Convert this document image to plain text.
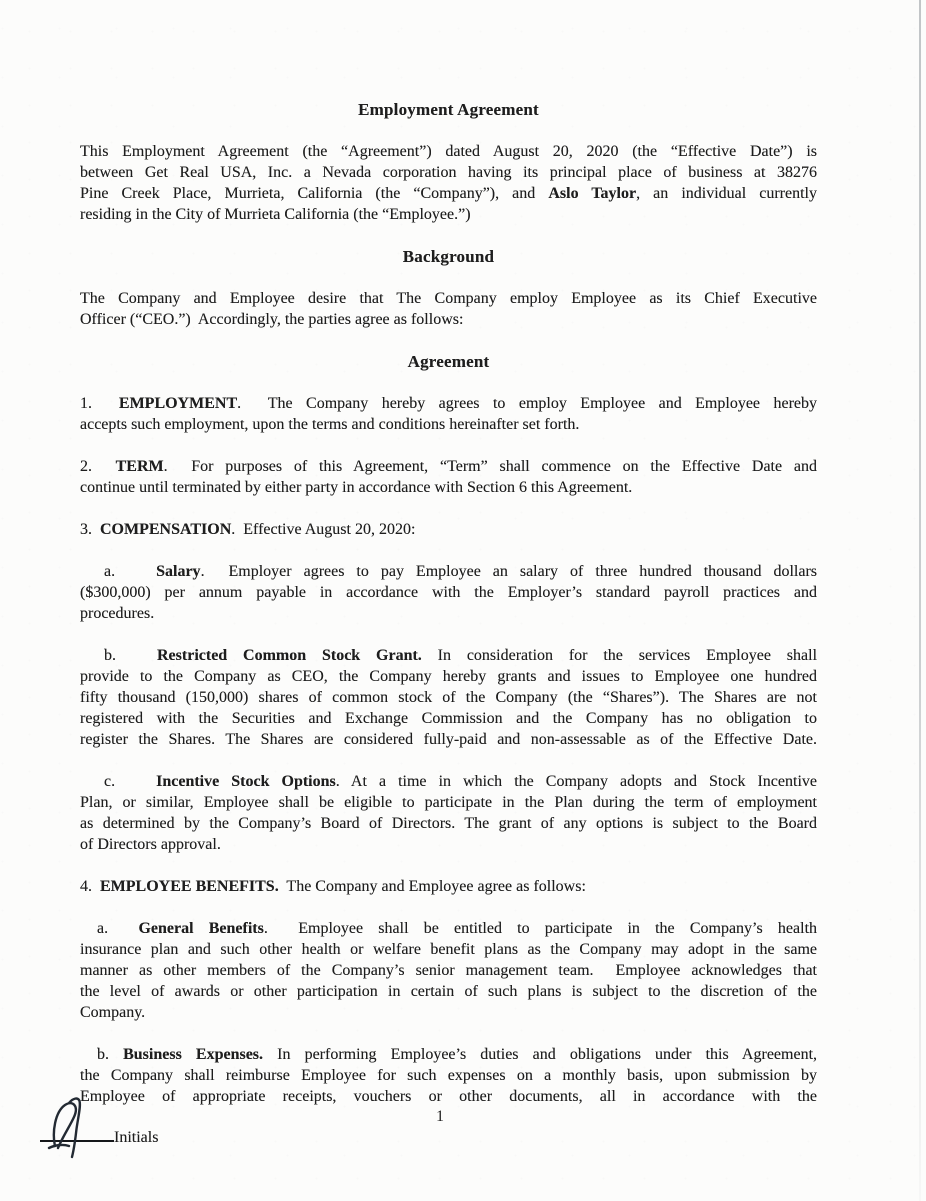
Employment Agreement
This Employment Agreement (the “Agreement”) dated August 20, 2020 (the “Effective Date”) is
between Get Real USA, Inc. a Nevada corporation having its principal place of business at 38276
Pine Creek Place, Murrieta, California (the “Company”), and Aslo Taylor, an individual currently
residing in the City of Murrieta California (the “Employee.”)
Background
The Company and Employee desire that The Company employ Employee as its Chief Executive
Officer (“CEO.”)  Accordingly, the parties agree as follows:
Agreement
1.  EMPLOYMENT.  The Company hereby agrees to employ Employee and Employee hereby
accepts such employment, upon the terms and conditions hereinafter set forth.
2.  TERM.  For purposes of this Agreement, “Term” shall commence on the Effective Date and
continue until terminated by either party in accordance with Section 6 this Agreement.
3.  COMPENSATION.  Effective August 20, 2020:
a.	Salary.  Employer agrees to pay Employee an salary of three hundred thousand dollars
($300,000) per annum payable in accordance with the Employer’s standard payroll practices and
procedures.
b.	Restricted Common Stock Grant. In consideration for the services Employee shall
provide to the Company as CEO, the Company hereby grants and issues to Employee one hundred
fifty thousand (150,000) shares of common stock of the Company (the “Shares”). The Shares are not
registered with the Securities and Exchange Commission and the Company has no obligation to
register the Shares. The Shares are considered fully-paid and non-assessable as of the Effective Date.
c.	Incentive Stock Options. At a time in which the Company adopts and Stock Incentive
Plan, or similar, Employee shall be eligible to participate in the Plan during the term of employment
as determined by the Company’s Board of Directors. The grant of any options is subject to the Board
of Directors approval.
4.  EMPLOYEE BENEFITS.  The Company and Employee agree as follows:
a.  General Benefits.  Employee shall be entitled to participate in the Company’s health
insurance plan and such other health or welfare benefit plans as the Company may adopt in the same
manner as other members of the Company’s senior management team.  Employee acknowledges that
the level of awards or other participation in certain of such plans is subject to the discretion of the
Company.
b. Business Expenses. In performing Employee’s duties and obligations under this Agreement,
the Company shall reimburse Employee for such expenses on a monthly basis, upon submission by
Employee of appropriate receipts, vouchers or other documents, all in accordance with the
1
Initials
